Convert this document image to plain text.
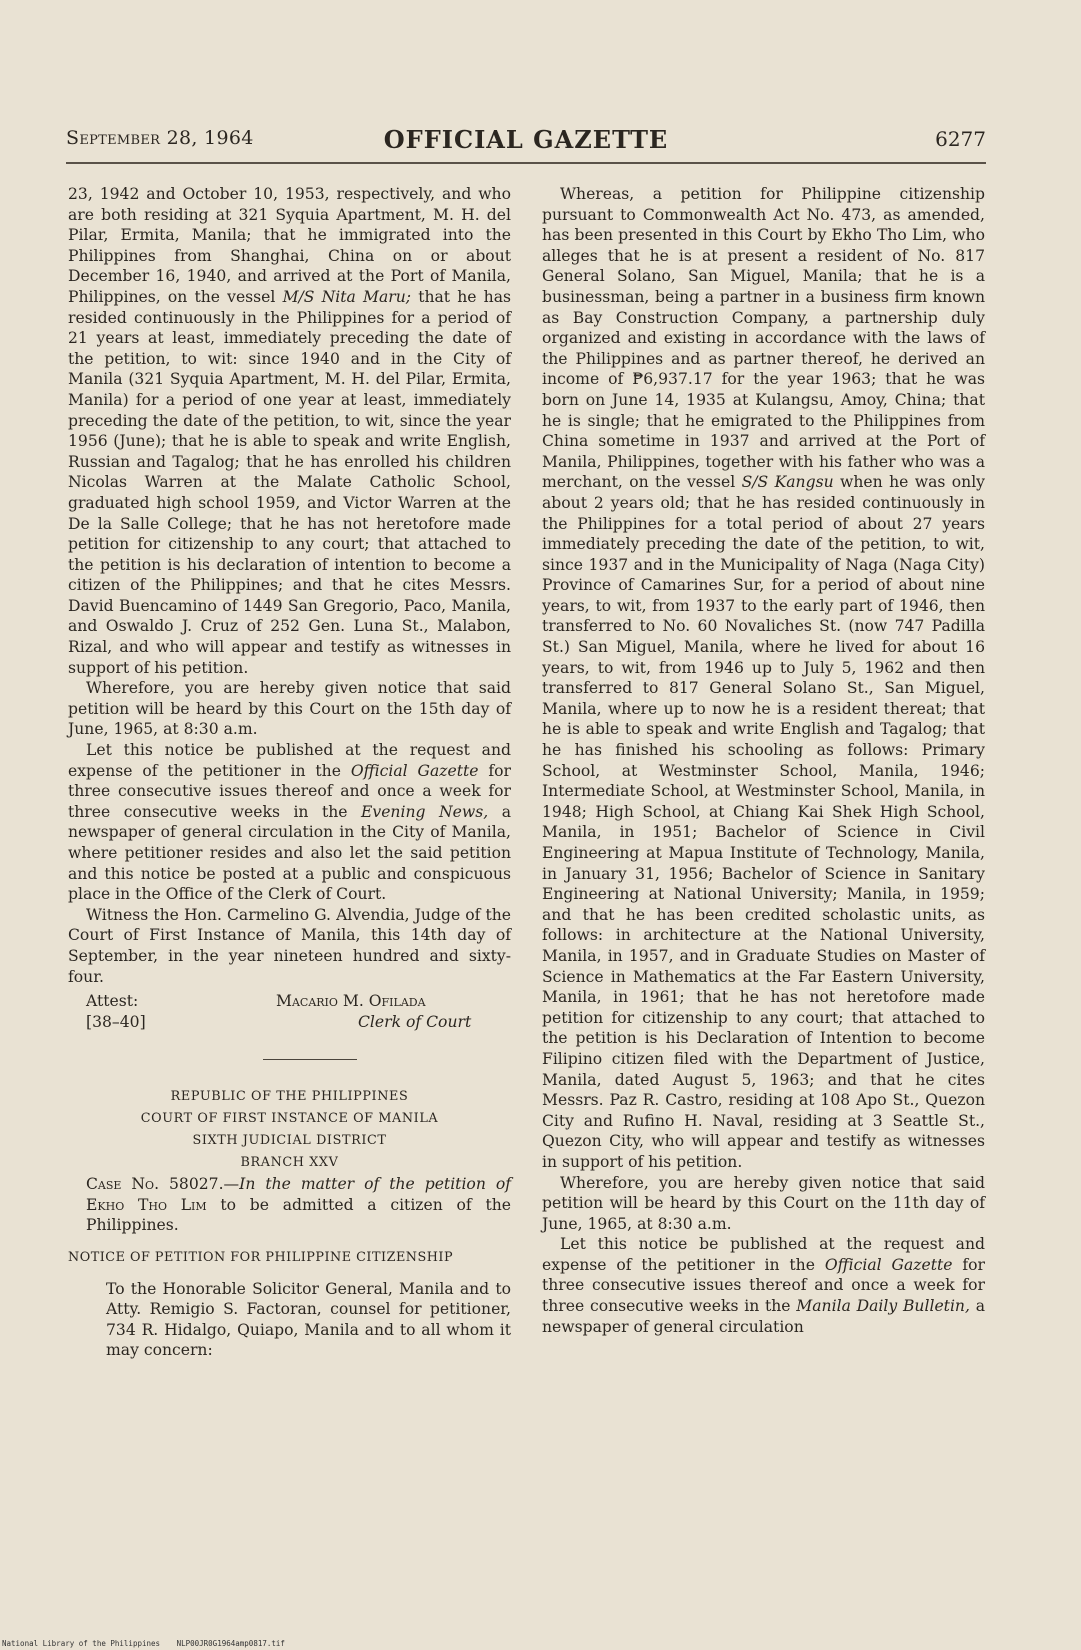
September 28, 1964	OFFICIAL GAZETTE	6277

23, 1942 and October 10, 1953, respectively, and who are both residing at 321 Syquia Apartment, M. H. del Pilar, Ermita, Manila; that he immigrated into the Philippines from Shanghai, China on or about December 16, 1940, and arrived at the Port of Manila, Philippines, on the vessel M/S Nita Maru; that he has resided continuously in the Philippines for a period of 21 years at least, immediately preceding the date of the petition, to wit: since 1940 and in the City of Manila (321 Syquia Apartment, M. H. del Pilar, Ermita, Manila) for a period of one year at least, immediately preceding the date of the petition, to wit, since the year 1956 (June); that he is able to speak and write English, Russian and Tagalog; that he has enrolled his children Nicolas Warren at the Malate Catholic School, graduated high school 1959, and Victor Warren at the De la Salle College; that he has not heretofore made petition for citizenship to any court; that attached to the petition is his declaration of intention to become a citizen of the Philippines; and that he cites Messrs. David Buencamino of 1449 San Gregorio, Paco, Manila, and Oswaldo J. Cruz of 252 Gen. Luna St., Malabon, Rizal, and who will appear and testify as witnesses in support of his petition.

Wherefore, you are hereby given notice that said petition will be heard by this Court on the 15th day of June, 1965, at 8:30 a.m.

Let this notice be published at the request and expense of the petitioner in the Official Gazette for three consecutive issues thereof and once a week for three consecutive weeks in the Evening News, a newspaper of general circulation in the City of Manila, where petitioner resides and also let the said petition and this notice be posted at a public and conspicuous place in the Office of the Clerk of Court.

Witness the Hon. Carmelino G. Alvendia, Judge of the Court of First Instance of Manila, this 14th day of September, in the year nineteen hundred and sixty-four.

Attest:
[38–40]
Macario M. Ofilada
Clerk of Court
REPUBLIC OF THE PHILIPPINES
COURT OF FIRST INSTANCE OF MANILA
SIXTH JUDICIAL DISTRICT
BRANCH XXV

Case No. 58027.—In the matter of the petition of Ekho Tho Lim to be admitted a citizen of the Philippines.

NOTICE OF PETITION FOR PHILIPPINE CITIZENSHIP

To the Honorable Solicitor General, Manila and to Atty. Remigio S. Factoran, counsel for petitioner, 734 R. Hidalgo, Quiapo, Manila and to all whom it may concern:

Whereas, a petition for Philippine citizenship pursuant to Commonwealth Act No. 473, as amended, has been presented in this Court by Ekho Tho Lim, who alleges that he is at present a resident of No. 817 General Solano, San Miguel, Manila; that he is a businessman, being a partner in a business firm known as Bay Construction Company, a partnership duly organized and existing in accordance with the laws of the Philippines and as partner thereof, he derived an income of ₱6,937.17 for the year 1963; that he was born on June 14, 1935 at Kulangsu, Amoy, China; that he is single; that he emigrated to the Philippines from China sometime in 1937 and arrived at the Port of Manila, Philippines, together with his father who was a merchant, on the vessel S/S Kangsu when he was only about 2 years old; that he has resided continuously in the Philippines for a total period of about 27 years immediately preceding the date of the petition, to wit, since 1937 and in the Municipality of Naga (Naga City) Province of Camarines Sur, for a period of about nine years, to wit, from 1937 to the early part of 1946, then transferred to No. 60 Novaliches St. (now 747 Padilla St.) San Miguel, Manila, where he lived for about 16 years, to wit, from 1946 up to July 5, 1962 and then transferred to 817 General Solano St., San Miguel, Manila, where up to now he is a resident thereat; that he is able to speak and write English and Tagalog; that he has finished his schooling as follows: Primary School, at Westminster School, Manila, 1946; Intermediate School, at Westminster School, Manila, in 1948; High School, at Chiang Kai Shek High School, Manila, in 1951; Bachelor of Science in Civil Engineering at Mapua Institute of Technology, Manila, in January 31, 1956; Bachelor of Science in Sanitary Engineering at National University; Manila, in 1959; and that he has been credited scholastic units, as follows: in architecture at the National University, Manila, in 1957, and in Graduate Studies on Master of Science in Mathematics at the Far Eastern University, Manila, in 1961; that he has not heretofore made petition for citizenship to any court; that attached to the petition is his Declaration of Intention to become Filipino citizen filed with the Department of Justice, Manila, dated August 5, 1963; and that he cites Messrs. Paz R. Castro, residing at 108 Apo St., Quezon City and Rufino H. Naval, residing at 3 Seattle St., Quezon City, who will appear and testify as witnesses in support of his petition.

Wherefore, you are hereby given notice that said petition will be heard by this Court on the 11th day of June, 1965, at 8:30 a.m.

Let this notice be published at the request and expense of the petitioner in the Official Gazette for three consecutive issues thereof and once a week for three consecutive weeks in the Manila Daily Bulletin, a newspaper of general circulation

National Library of the Philippines NLP00JR0G1964amp0817.tif
